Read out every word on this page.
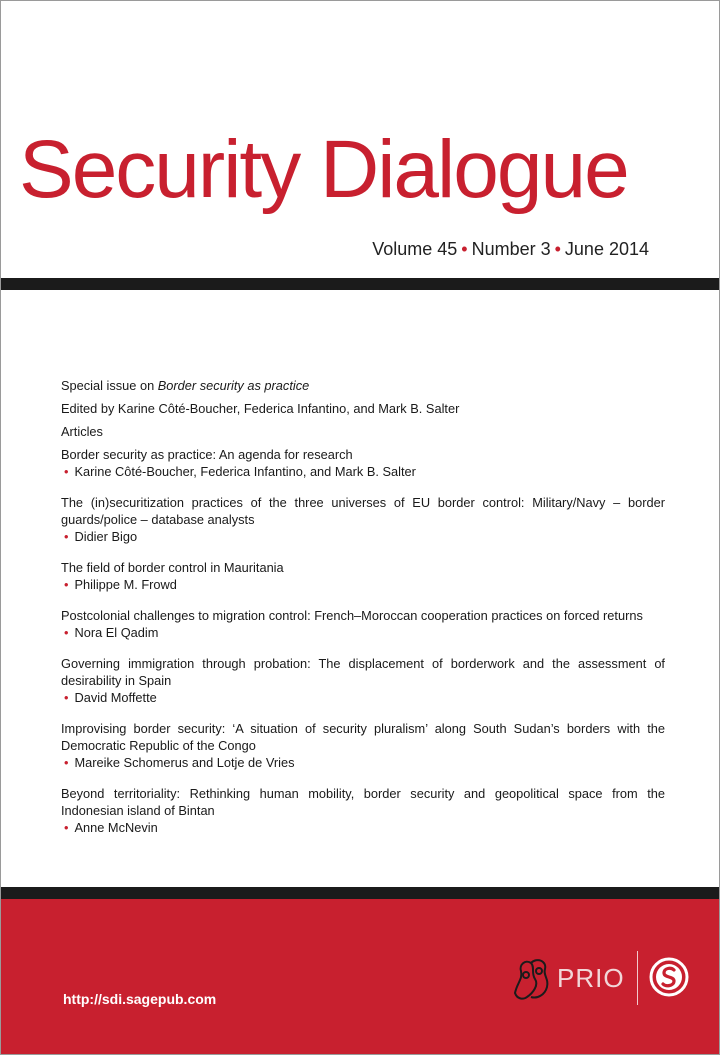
Security Dialogue
Volume 45 • Number 3 • June 2014

Special issue on Border security as practice

Edited by Karine Côté-Boucher, Federica Infantino, and Mark B. Salter

Articles

Border security as practice: An agenda for research

• Karine Côté-Boucher, Federica Infantino, and Mark B. Salter

The (in)securitization practices of the three universes of EU border control: Military/Navy – border guards/police – database analysts

• Didier Bigo

The field of border control in Mauritania

• Philippe M. Frowd

Postcolonial challenges to migration control: French–Moroccan cooperation practices on forced returns

• Nora El Qadim

Governing immigration through probation: The displacement of borderwork and the assessment of desirability in Spain

• David Moffette

Improvising border security: ‘A situation of security pluralism’ along South Sudan’s borders with the Democratic Republic of the Congo

• Mareike Schomerus and Lotje de Vries

Beyond territoriality: Rethinking human mobility, border security and geopolitical space from the Indonesian island of Bintan

• Anne McNevin

http://sdi.sagepub.com
PRIO
